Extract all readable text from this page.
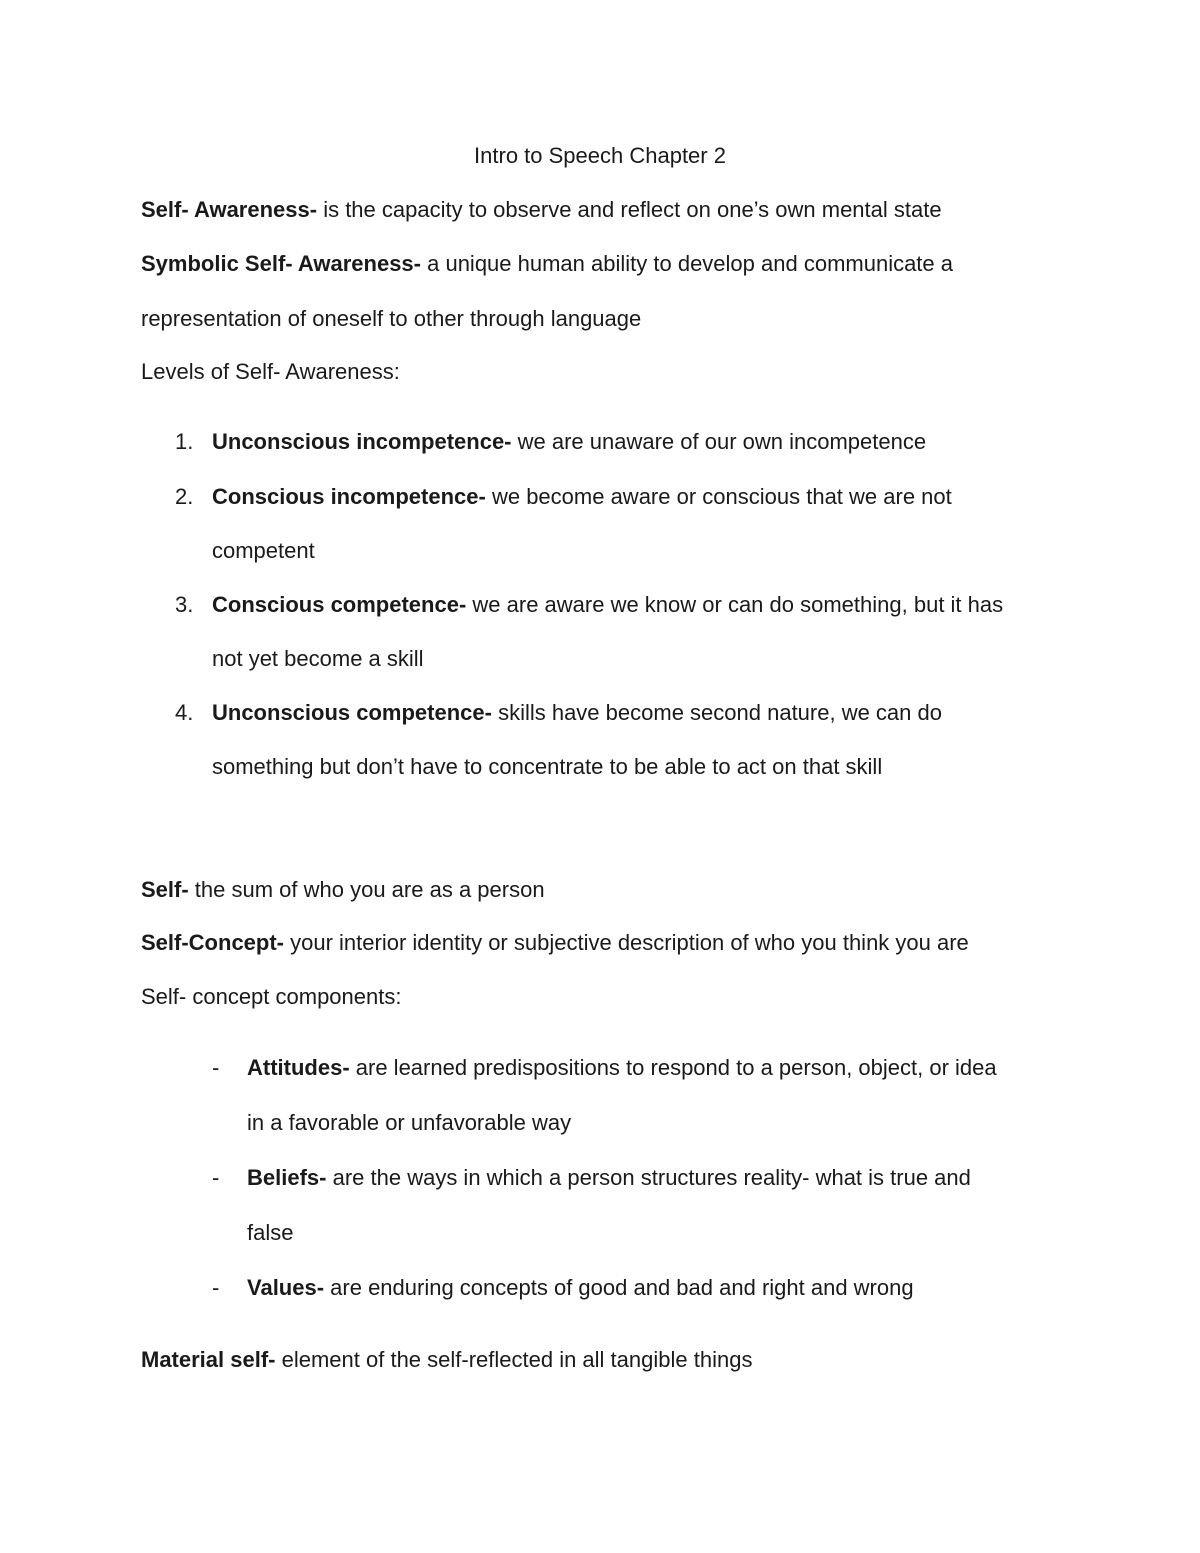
Intro to Speech Chapter 2
Self- Awareness- is the capacity to observe and reflect on one’s own mental state
Symbolic Self- Awareness- a unique human ability to develop and communicate a
representation of oneself to other through language
Levels of Self- Awareness:
1. Unconscious incompetence- we are unaware of our own incompetence
2. Conscious incompetence- we become aware or conscious that we are not
competent
3. Conscious competence- we are aware we know or can do something, but it has
not yet become a skill
4. Unconscious competence- skills have become second nature, we can do
something but don’t have to concentrate to be able to act on that skill
Self- the sum of who you are as a person
Self-Concept- your interior identity or subjective description of who you think you are
Self- concept components:
- Attitudes- are learned predispositions to respond to a person, object, or idea
in a favorable or unfavorable way
- Beliefs- are the ways in which a person structures reality- what is true and
false
- Values- are enduring concepts of good and bad and right and wrong
Material self- element of the self-reflected in all tangible things
